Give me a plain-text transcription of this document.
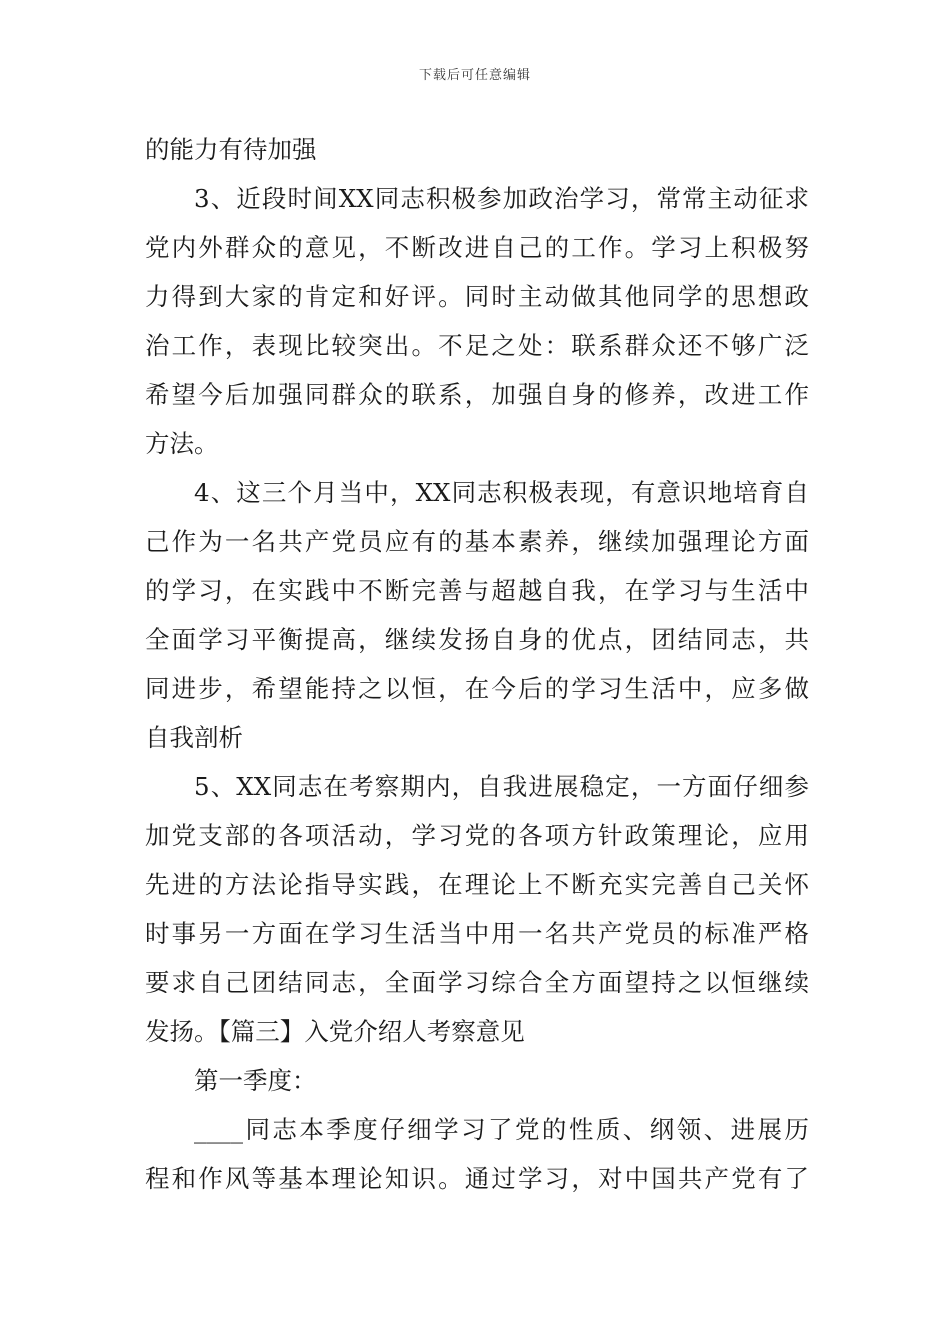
下载后可任意编辑
的能力有待加强
3、近段时间XX同志积极参加政治学习，常常主动征求
党内外群众的意见，不断改进自己的工作。学习上积极努
力得到大家的肯定和好评。同时主动做其他同学的思想政
治工作，表现比较突出。不足之处：联系群众还不够广泛
希望今后加强同群众的联系，加强自身的修养，改进工作
方法。
4、这三个月当中，XX同志积极表现，有意识地培育自
己作为一名共产党员应有的基本素养，继续加强理论方面
的学习，在实践中不断完善与超越自我，在学习与生活中
全面学习平衡提高，继续发扬自身的优点，团结同志，共
同进步，希望能持之以恒，在今后的学习生活中，应多做
自我剖析
5、XX同志在考察期内，自我进展稳定，一方面仔细参
加党支部的各项活动，学习党的各项方针政策理论，应用
先进的方法论指导实践，在理论上不断充实完善自己关怀
时事另一方面在学习生活当中用一名共产党员的标准严格
要求自己团结同志，全面学习综合全方面望持之以恒继续
发扬。【篇三】入党介绍人考察意见
第一季度：
____同志本季度仔细学习了党的性质、纲领、进展历
程和作风等基本理论知识。通过学习，对中国共产党有了
